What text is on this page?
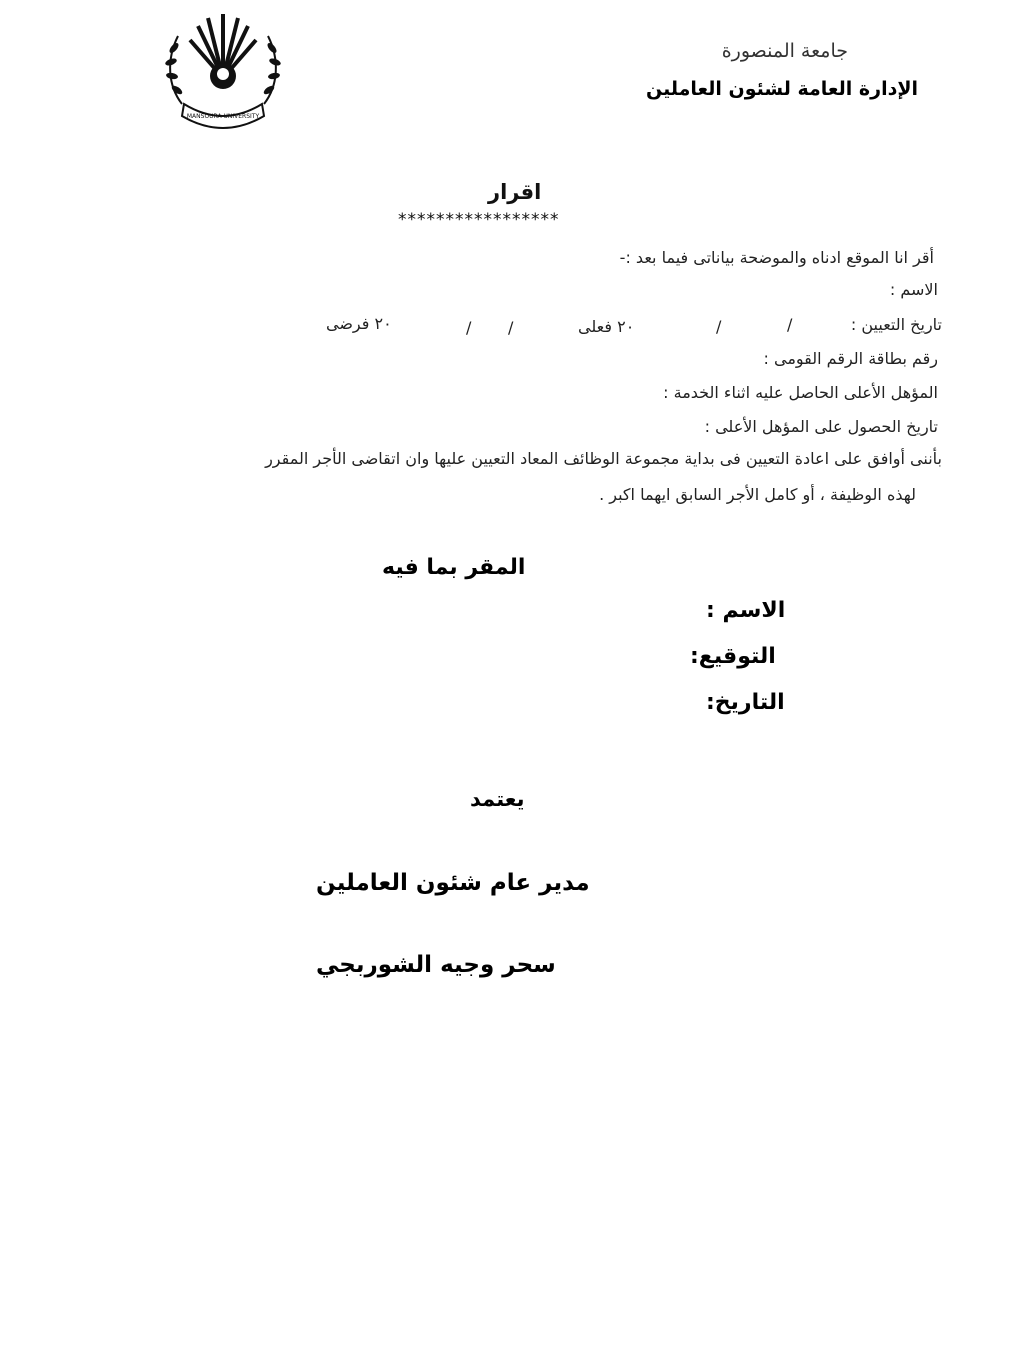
MANSOURA UNIVERSITY
جامعة المنصورة
الإدارة العامة لشئون العاملين
اقرار
*****************
أقر انا الموقع ادناه والموضحة بياناتى فيما بعد :-
الاسم :
تاريخ التعيين :
/
/
٢٠ فعلى
/
/
٢٠ فرضى
رقم بطاقة الرقم القومى :
المؤهل الأعلى الحاصل عليه اثناء الخدمة :
تاريخ الحصول على المؤهل الأعلى :
بأننى أوافق على اعادة التعيين فى بداية مجموعة الوظائف المعاد التعيين عليها وان اتقاضى الأجر المقرر
لهذه الوظيفة ، أو كامل الأجر السابق ايهما اكبر .
المقر بما فيه
الاسم :
التوقيع:
التاريخ:
يعتمد
مدير عام شئون العاملين
سحر وجيه الشوربجي
